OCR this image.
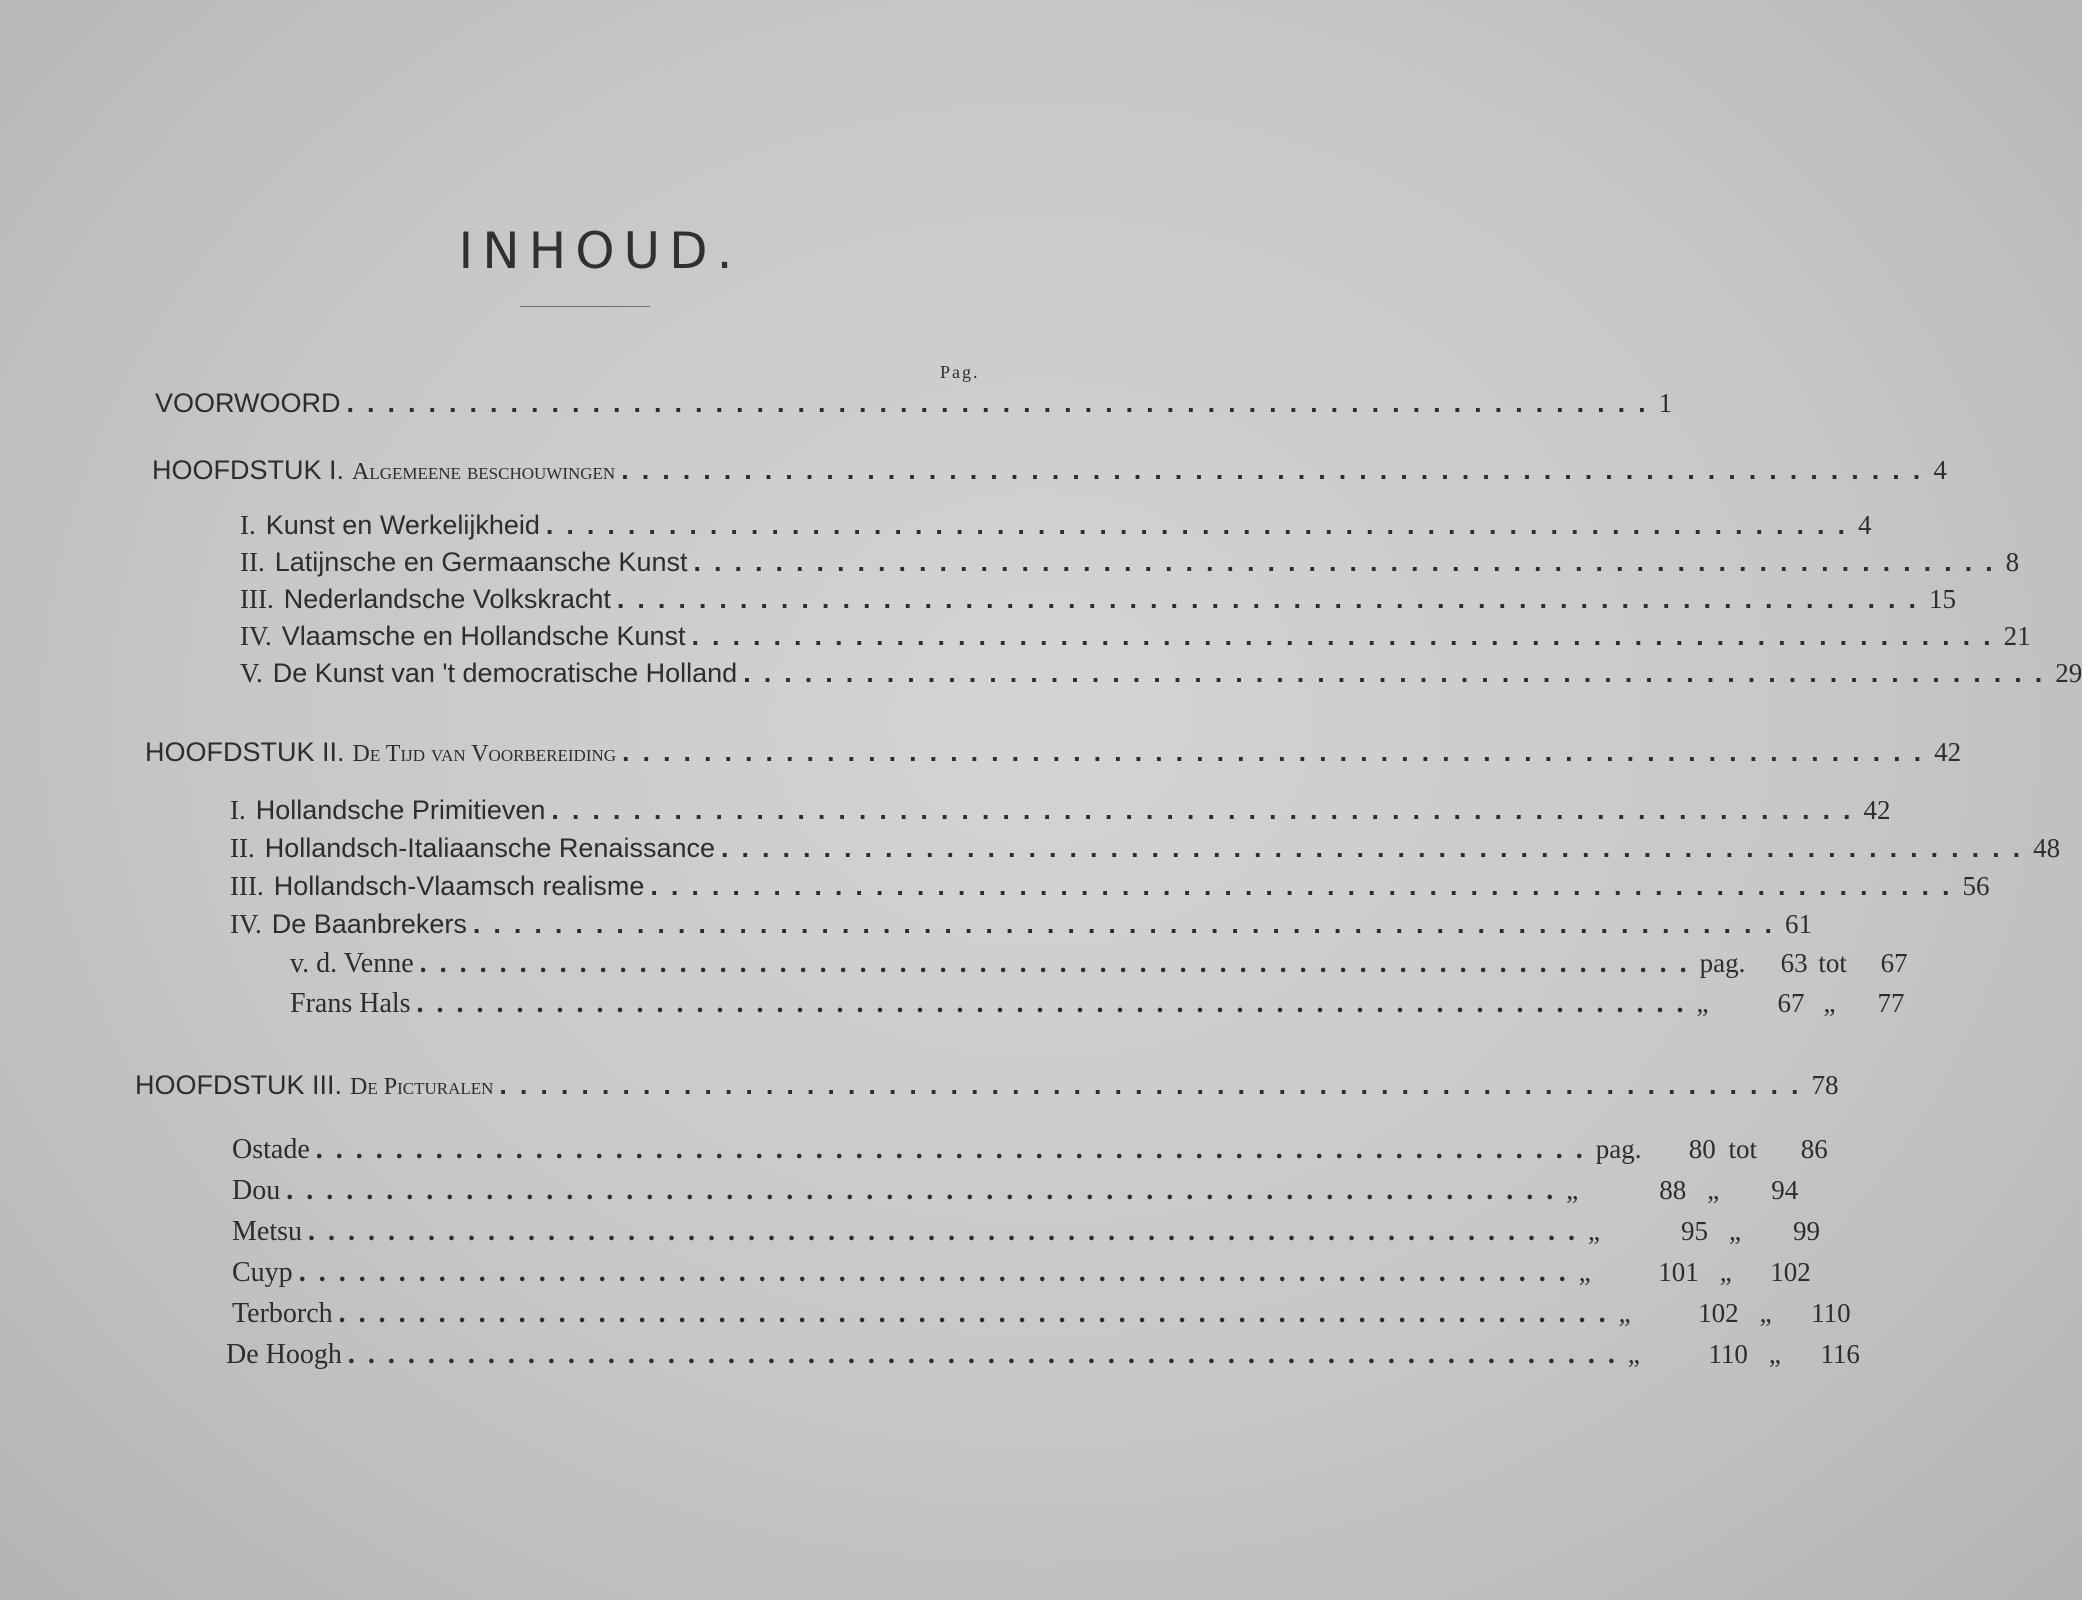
INHOUD.
Pag.
VOORWOORD ................................................................ 1
HOOFDSTUK I. Algemeene beschouwingen ................................................................ 4
I. Kunst en Werkelijkheid ................................................................ 4
II. Latijnsche en Germaansche Kunst ................................................................ 8
III. Nederlandsche Volkskracht ................................................................ 15
IV. Vlaamsche en Hollandsche Kunst ................................................................ 21
V. De Kunst van 't democratische Holland ................................................................ 29
HOOFDSTUK II. De Tijd van Voorbereiding ................................................................ 42
I. Hollandsche Primitieven ................................................................ 42
II. Hollandsch-Italiaansche Renaissance ................................................................ 48
III. Hollandsch-Vlaamsch realisme ................................................................ 56
IV. De Baanbrekers ................................................................ 61
v. d. Venne ................................................................ pag.	63 tot	67
Frans Hals ................................................................ „	67 „	77
HOOFDSTUK III. De Picturalen ................................................................ 78
Ostade ................................................................ pag.	80 tot	86
Dou ................................................................ „	88 „	94
Metsu ................................................................ „	95 „	99
Cuyp ................................................................ „	101 „	102
Terborch ................................................................ „	102 „	110
De Hoogh ................................................................ „	110 „	116
